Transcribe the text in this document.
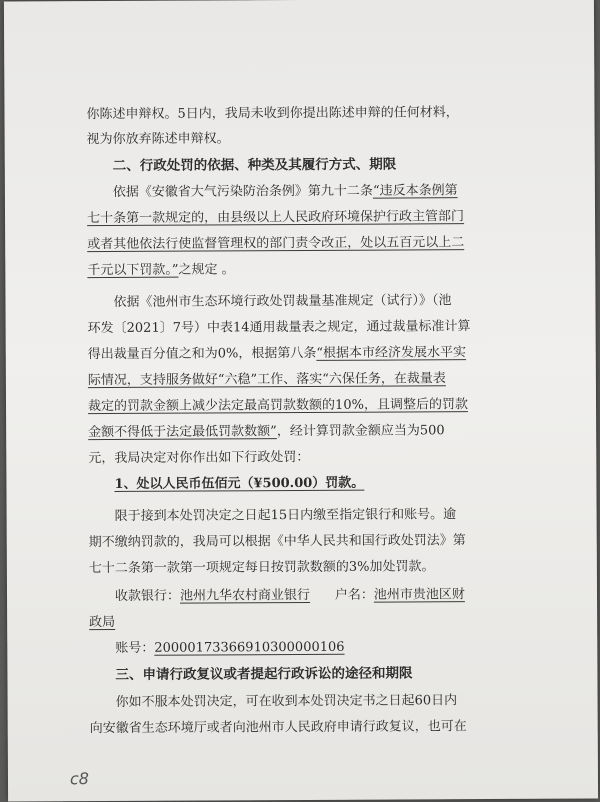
你陈述申辩权。5日内，我局未收到你提出陈述申辩的任何材料，
视为你放弃陈述申辩权。
二、行政处罚的依据、种类及其履行方式、期限
依据《安徽省大气污染防治条例》第九十二条“违反本条例第
七十条第一款规定的，由县级以上人民政府环境保护行政主管部门
或者其他依法行使监督管理权的部门责令改正，处以五百元以上二
千元以下罚款。”之规定 。
依据《池州市生态环境行政处罚裁量基准规定（试行）》（池
环发〔2021〕7号）中表14通用裁量表之规定，通过裁量标准计算
得出裁量百分值之和为0%，根据第八条“根据本市经济发展水平实
际情况，支持服务做好“六稳”工作、落实“六保任务，在裁量表
裁定的罚款金额上减少法定最高罚款数额的10%，且调整后的罚款
金额不得低于法定最低罚款数额”，经计算罚款金额应当为500
元，我局决定对你作出如下行政处罚：
1、处以人民币伍佰元（¥500.00）罚款。
限于接到本处罚决定之日起15日内缴至指定银行和账号。逾
期不缴纳罚款的，我局可以根据《中华人民共和国行政处罚法》第
七十二条第一款第一项规定每日按罚款数额的3%加处罚款。
收款银行：池州九华农村商业银行      户名：池州市贵池区财
政局
账号：20000173366910300000106
三、申请行政复议或者提起行政诉讼的途径和期限
你如不服本处罚决定，可在收到本处罚决定书之日起60日内
向安徽省生态环境厅或者向池州市人民政府申请行政复议，也可在
c8
